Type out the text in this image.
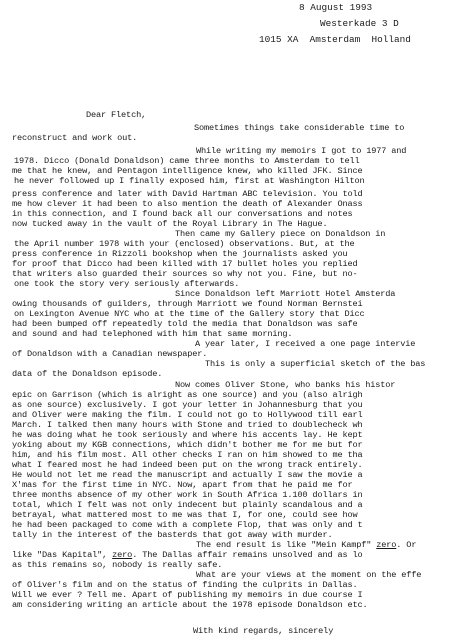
8 August 1993
Westerkade 3 D
1015 XA  Amsterdam  Holland
Dear Fletch,
Sometimes things take considerable time to
reconstruct and work out.
While writing my memoirs I got to 1977 and
1978. Dicco (Donald Donaldson) came three months to Amsterdam to tell
me that he knew, and Pentagon intelligence knew, who killed JFK. Since
he never followed up I finally exposed him, first at Washington Hilton
press conference and later with David Hartman ABC television. You told
me how clever it had been to also mention the death of Alexander Onass
in this connection, and I found back all our conversations and notes
now tucked away in the vault of the Royal Library in The Hague.
Then came my Gallery piece on Donaldson in
the April number 1978 with your (enclosed) observations. But, at the
press conference in Rizzoli bookshop when the journalists asked you
for proof that Dicco had been killed with 17 bullet holes you replied
that writers also guarded their sources so why not you. Fine, but no-
one took the story very seriously afterwards.
Since Donaldson left Marriott Hotel Amsterda
owing thousands of guilders, through Marriott we found Norman Bernstei
on Lexington Avenue NYC who at the time of the Gallery story that Dicc
had been bumped off repeatedly told the media that Donaldson was safe
and sound and had telephoned with him that same morning.
A year later, I received a one page intervie
of Donaldson with a Canadian newspaper.
This is only a superficial sketch of the bas
data of the Donaldson episode.
Now comes Oliver Stone, who banks his histor
epic on Garrison (which is alright as one source) and you (also alrigh
as one source) exclusively. I got your letter in Johannesburg that you
and Oliver were making the film. I could not go to Hollywood till earl
March. I talked then many hours with Stone and tried to doublecheck wh
he was doing what he took seriously and where his accents lay. He kept
yoking about my KGB connections, which didn't bother me for me but for
him, and his film most. All other checks I ran on him showed to me tha
what I feared most he had indeed been put on the wrong track entirely.
He would not let me read the manuscript and actually I saw the movie a
X'mas for the first time in NYC. Now, apart from that he paid me for
three months absence of my other work in South Africa 1.100 dollars in
total, which I felt was not only indecent but plainly scandalous and a
betrayal, what mattered most to me was that I, for one, could see how
he had been packaged to come with a complete Flop, that was only and t
tally in the interest of the basterds that got away with murder.
The end result is like "Mein Kampf" zero. Or
like "Das Kapital", zero. The Dallas affair remains unsolved and as lo
as this remains so, nobody is really safe.
What are your views at the moment on the effe
of Oliver's film and on the status of finding the culprits in Dallas.
Will we ever ? Tell me. Apart of publishing my memoirs in due course I
am considering writing an article about the 1978 episode Donaldson etc.
With kind regards, sincerely
